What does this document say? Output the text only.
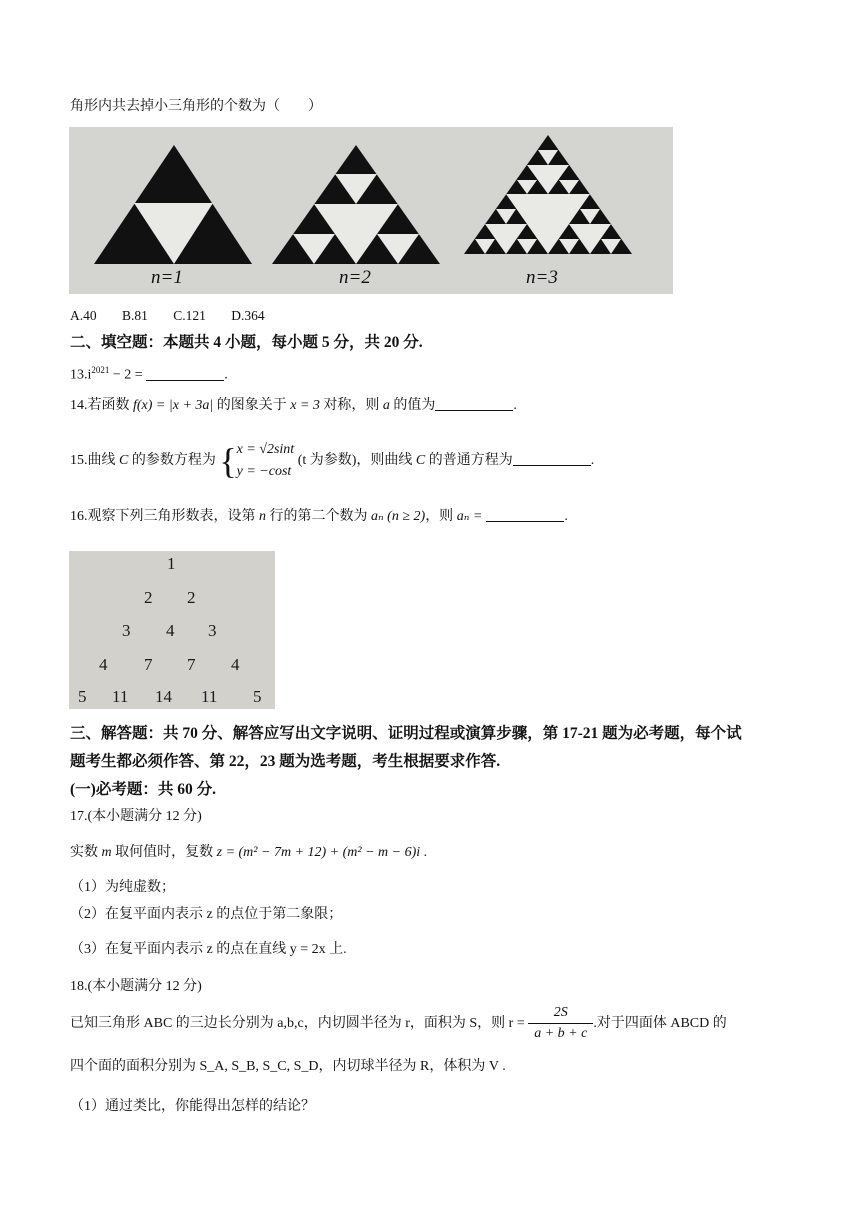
角形内共去掉小三角形的个数为（　　）
n=1	n=2	n=3
A.40 B.81 C.121 D.364
二、填空题：本题共 4 小题，每小题 5 分，共 20 分.
$13.i^{2021} - 2$ =	.
14.若函数 f(x) = |x + 3a| 的图象关于 x = 3 对称，则 a 的值为	.
15.曲线 C 的参数方程为 { x = √2sint
y = −cost
(t 为参数)，则曲线 C 的普通方程为	.
16.观察下列三角形数表，设第 n 行的第二个数为 aₙ (n ≥ 2)，则 aₙ =	.
1
2 2
3 4 3
4 7 7 4
5 11 14 11 5
三、解答题：共 70 分、解答应写出文字说明、证明过程或演算步骤，第 17-21 题为必考题，每个试
题考生都必须作答、第 22，23 题为选考题，考生根据要求作答.
(一)必考题：共 60 分.
17.(本小题满分 12 分)
实数 m 取何值时，复数 z = (m² − 7m + 12) + (m² − m − 6)i .
（1）为纯虚数；
（2）在复平面内表示 z 的点位于第二象限；
（3）在复平面内表示 z 的点在直线 y = 2x 上.
18.(本小题满分 12 分)
已知三角形 ABC 的三边长分别为 a,b,c，内切圆半径为 r，面积为 S，则 $r = \frac{2S}{a + b + c}$ .对于四面体 ABCD 的
四个面的面积分别为 S_A, S_B, S_C, S_D，内切球半径为 R，体积为 V .
（1）通过类比，你能得出怎样的结论？
